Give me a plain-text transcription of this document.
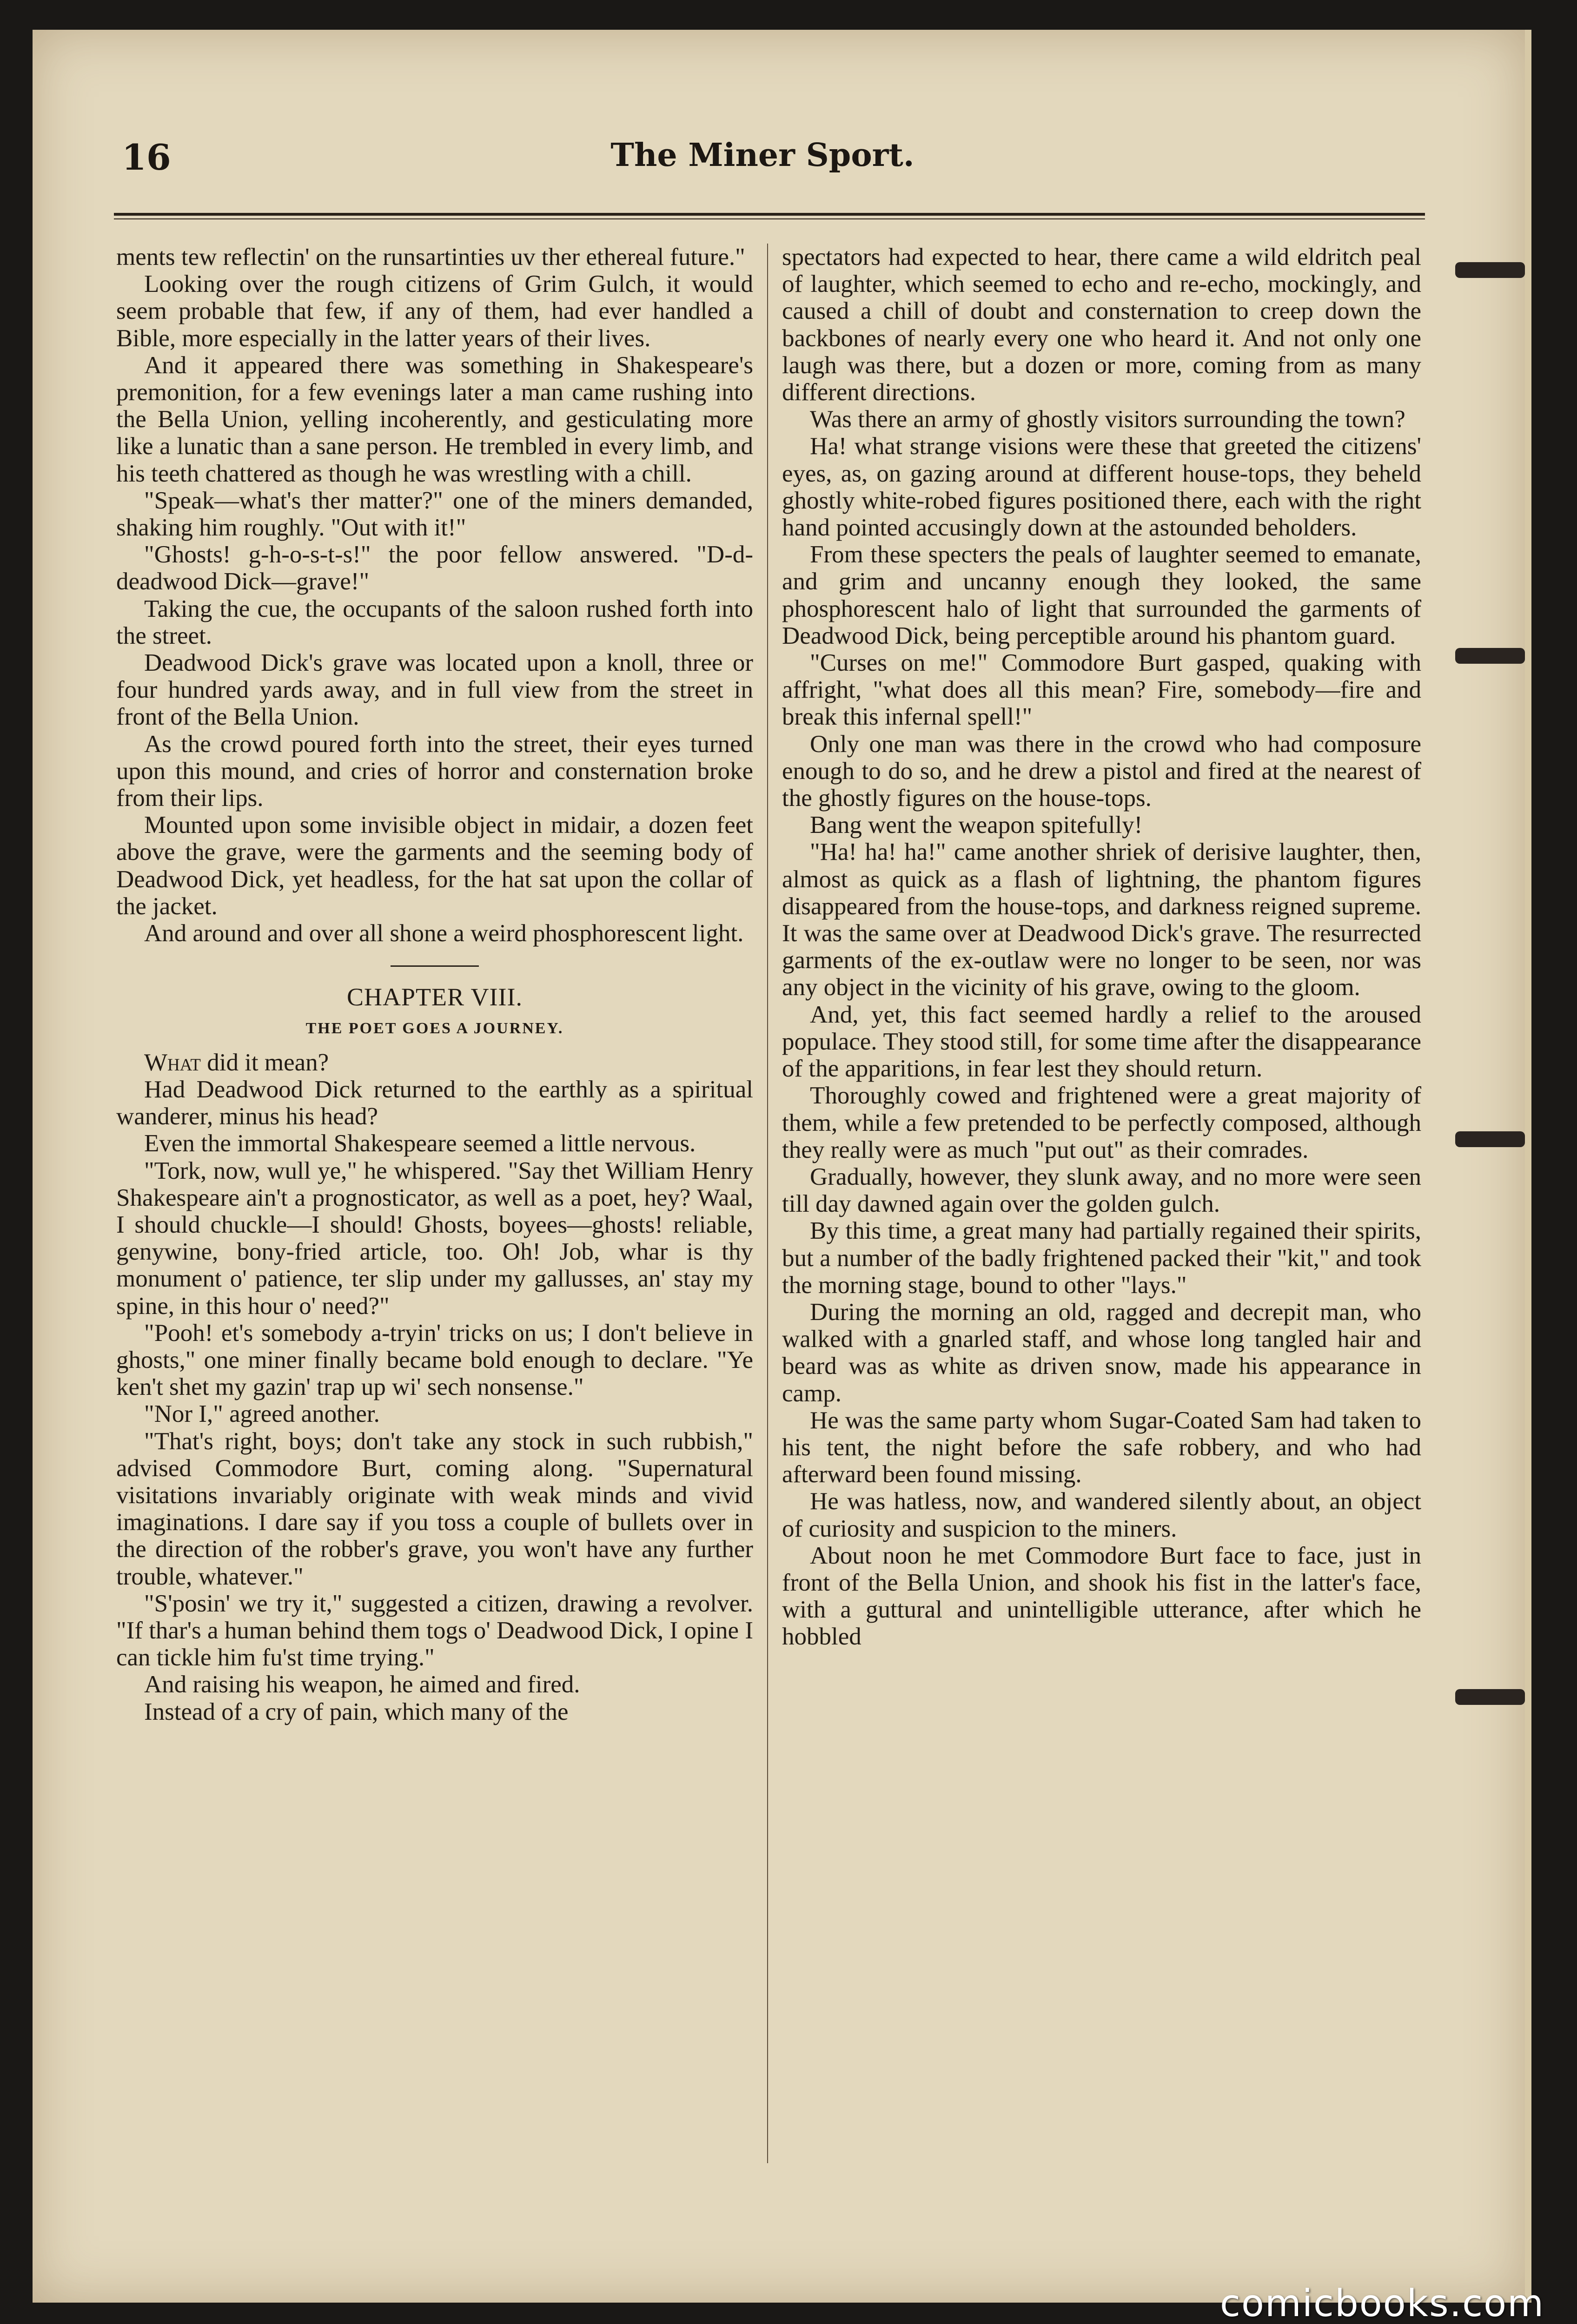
16	The Miner Sport.

ments tew reflectin' on the runsartinties uv ther ethereal future."

Looking over the rough citizens of Grim Gulch, it would seem probable that few, if any of them, had ever handled a Bible, more especially in the latter years of their lives.

And it appeared there was something in Shakespeare's premonition, for a few evenings later a man came rushing into the Bella Union, yelling incoherently, and gesticulating more like a lunatic than a sane person. He trembled in every limb, and his teeth chattered as though he was wrestling with a chill.

"Speak—what's ther matter?" one of the miners demanded, shaking him roughly. "Out with it!"

"Ghosts! g-h-o-s-t-s!" the poor fellow answered. "D-d-deadwood Dick—grave!"

Taking the cue, the occupants of the saloon rushed forth into the street.

Deadwood Dick's grave was located upon a knoll, three or four hundred yards away, and in full view from the street in front of the Bella Union.

As the crowd poured forth into the street, their eyes turned upon this mound, and cries of horror and consternation broke from their lips.

Mounted upon some invisible object in midair, a dozen feet above the grave, were the garments and the seeming body of Deadwood Dick, yet headless, for the hat sat upon the collar of the jacket.

And around and over all shone a weird phosphorescent light.

CHAPTER VIII.

THE POET GOES A JOURNEY.

What did it mean?

Had Deadwood Dick returned to the earthly as a spiritual wanderer, minus his head?

Even the immortal Shakespeare seemed a little nervous.

"Tork, now, wull ye," he whispered. "Say thet William Henry Shakespeare ain't a prognosticator, as well as a poet, hey? Waal, I should chuckle—I should! Ghosts, boyees—ghosts! reliable, genywine, bony-fried article, too. Oh! Job, whar is thy monument o' patience, ter slip under my gallusses, an' stay my spine, in this hour o' need?"

"Pooh! et's somebody a-tryin' tricks on us; I don't believe in ghosts," one miner finally became bold enough to declare. "Ye ken't shet my gazin' trap up wi' sech nonsense."

"Nor I," agreed another.

"That's right, boys; don't take any stock in such rubbish," advised Commodore Burt, coming along. "Supernatural visitations invariably originate with weak minds and vivid imaginations. I dare say if you toss a couple of bullets over in the direction of the robber's grave, you won't have any further trouble, whatever."

"S'posin' we try it," suggested a citizen, drawing a revolver. "If thar's a human behind them togs o' Deadwood Dick, I opine I can tickle him fu'st time trying."

And raising his weapon, he aimed and fired.

Instead of a cry of pain, which many of the

spectators had expected to hear, there came a wild eldritch peal of laughter, which seemed to echo and re-echo, mockingly, and caused a chill of doubt and consternation to creep down the backbones of nearly every one who heard it. And not only one laugh was there, but a dozen or more, coming from as many different directions.

Was there an army of ghostly visitors surrounding the town?

Ha! what strange visions were these that greeted the citizens' eyes, as, on gazing around at different house-tops, they beheld ghostly white-robed figures positioned there, each with the right hand pointed accusingly down at the astounded beholders.

From these specters the peals of laughter seemed to emanate, and grim and uncanny enough they looked, the same phosphorescent halo of light that surrounded the garments of Deadwood Dick, being perceptible around his phantom guard.

"Curses on me!" Commodore Burt gasped, quaking with affright, "what does all this mean? Fire, somebody—fire and break this infernal spell!"

Only one man was there in the crowd who had composure enough to do so, and he drew a pistol and fired at the nearest of the ghostly figures on the house-tops.

Bang went the weapon spitefully!

"Ha! ha! ha!" came another shriek of derisive laughter, then, almost as quick as a flash of lightning, the phantom figures disappeared from the house-tops, and darkness reigned supreme. It was the same over at Deadwood Dick's grave. The resurrected garments of the ex-outlaw were no longer to be seen, nor was any object in the vicinity of his grave, owing to the gloom.

And, yet, this fact seemed hardly a relief to the aroused populace. They stood still, for some time after the disappearance of the apparitions, in fear lest they should return.

Thoroughly cowed and frightened were a great majority of them, while a few pretended to be perfectly composed, although they really were as much "put out" as their comrades.

Gradually, however, they slunk away, and no more were seen till day dawned again over the golden gulch.

By this time, a great many had partially regained their spirits, but a number of the badly frightened packed their "kit," and took the morning stage, bound to other "lays."

During the morning an old, ragged and decrepit man, who walked with a gnarled staff, and whose long tangled hair and beard was as white as driven snow, made his appearance in camp.

He was the same party whom Sugar-Coated Sam had taken to his tent, the night before the safe robbery, and who had afterward been found missing.

He was hatless, now, and wandered silently about, an object of curiosity and suspicion to the miners.

About noon he met Commodore Burt face to face, just in front of the Bella Union, and shook his fist in the latter's face, with a guttural and unintelligible utterance, after which he hobbled

comicbooks.com
